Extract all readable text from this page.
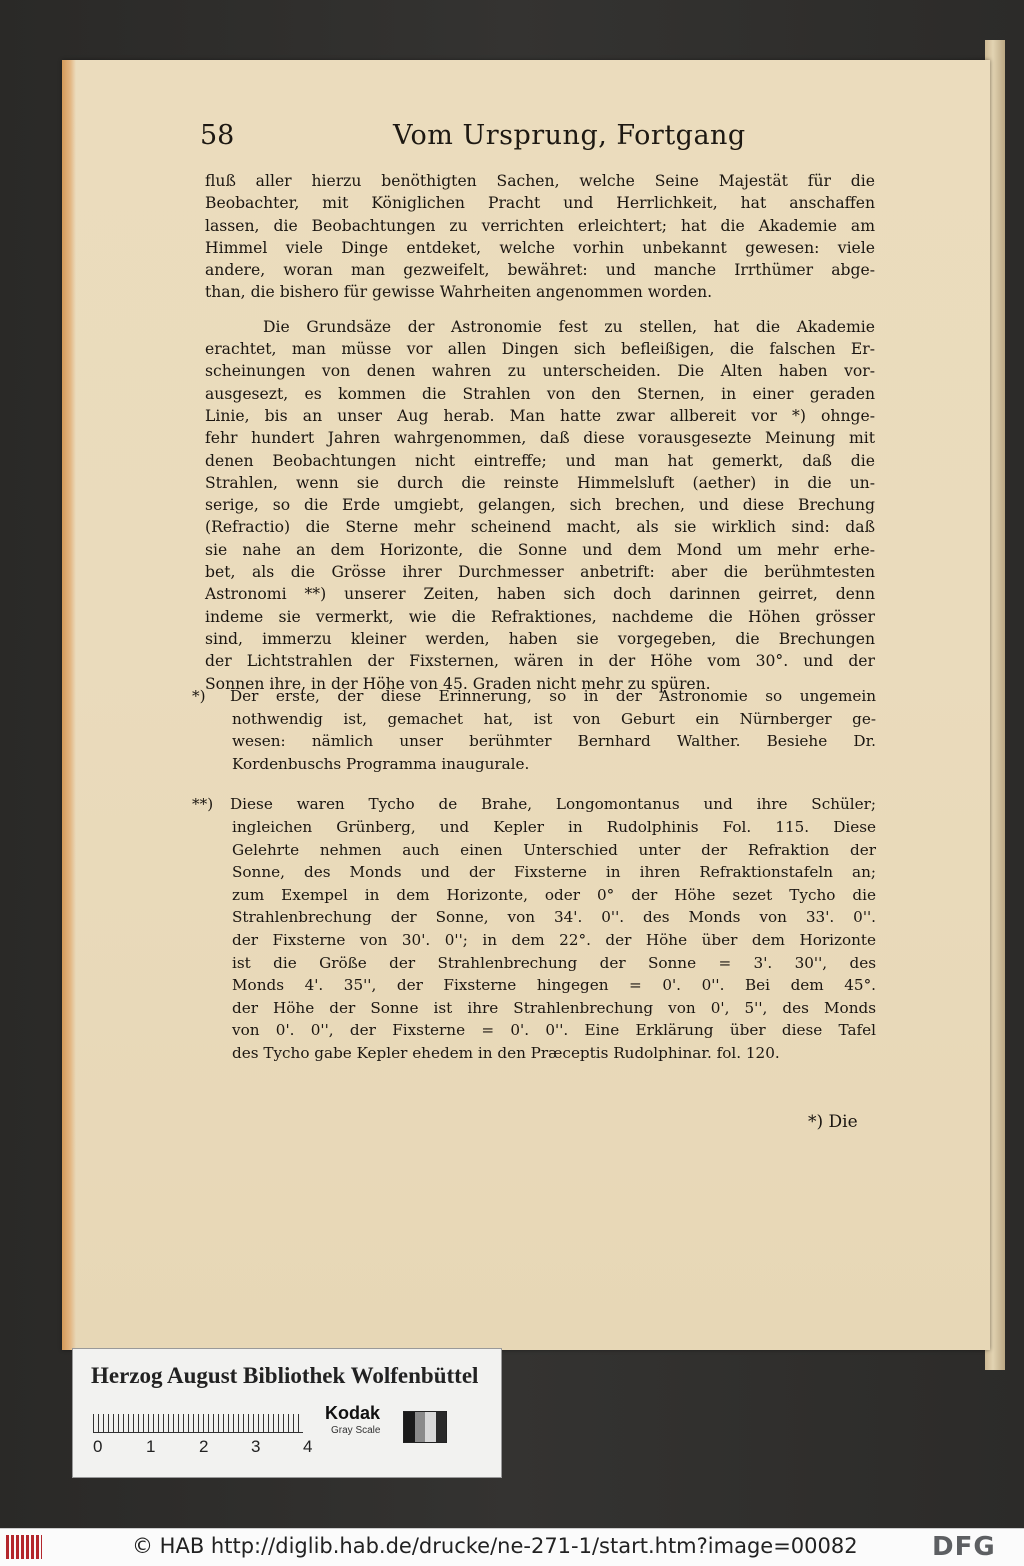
58	Vom Ursprung, Fortgang
fluß aller hierzu benöthigten Sachen, welche Seine Majestät für die
Beobachter, mit Königlichen Pracht und Herrlichkeit, hat anschaffen
lassen, die Beobachtungen zu verrichten erleichtert; hat die Akademie am
Himmel viele Dinge entdeket, welche vorhin unbekannt gewesen: viele
andere, woran man gezweifelt, bewähret: und manche Irrthümer abge-
than, die bishero für gewisse Wahrheiten angenommen worden.
Die Grundsäze der Astronomie fest zu stellen, hat die Akademie
erachtet, man müsse vor allen Dingen sich befleißigen, die falschen Er-
scheinungen von denen wahren zu unterscheiden. Die Alten haben vor-
ausgesezt, es kommen die Strahlen von den Sternen, in einer geraden
Linie, bis an unser Aug herab. Man hatte zwar allbereit vor *) ohnge-
fehr hundert Jahren wahrgenommen, daß diese vorausgesezte Meinung mit
denen Beobachtungen nicht eintreffe; und man hat gemerkt, daß die
Strahlen, wenn sie durch die reinste Himmelsluft (aether) in die un-
serige, so die Erde umgiebt, gelangen, sich brechen, und diese Brechung
(Refractio) die Sterne mehr scheinend macht, als sie wirklich sind: daß
sie nahe an dem Horizonte, die Sonne und dem Mond um mehr erhe-
bet, als die Grösse ihrer Durchmesser anbetrift: aber die berühmtesten
Astronomi **) unserer Zeiten, haben sich doch darinnen geirret, denn
indeme sie vermerkt, wie die Refraktiones, nachdeme die Höhen grösser
sind, immerzu kleiner werden, haben sie vorgegeben, die Brechungen
der Lichtstrahlen der Fixsternen, wären in der Höhe vom 30°. und der
Sonnen ihre, in der Höhe von 45. Graden nicht mehr zu spüren.
*) Der erste, der diese Erinnerung, so in der Astronomie so ungemein
nothwendig ist, gemachet hat, ist von Geburt ein Nürnberger ge-
wesen: nämlich unser berühmter Bernhard Walther. Besiehe Dr.
Kordenbuschs Programma inaugurale.
**) Diese waren Tycho de Brahe, Longomontanus und ihre Schüler;
ingleichen Grünberg, und Kepler in Rudolphinis Fol. 115. Diese
Gelehrte nehmen auch einen Unterschied unter der Refraktion der
Sonne, des Monds und der Fixsterne in ihren Refraktionstafeln an;
zum Exempel in dem Horizonte, oder 0° der Höhe sezet Tycho die
Strahlenbrechung der Sonne, von 34'. 0''. des Monds von 33'. 0''.
der Fixsterne von 30'. 0''; in dem 22°. der Höhe über dem Horizonte
ist die Größe der Strahlenbrechung der Sonne = 3'. 30'', des
Monds 4'. 35'', der Fixsterne hingegen = 0'. 0''. Bei dem 45°.
der Höhe der Sonne ist ihre Strahlenbrechung von 0', 5'', des Monds
von 0'. 0'', der Fixsterne = 0'. 0''. Eine Erklärung über diese Tafel
des Tycho gabe Kepler ehedem in den Præceptis Rudolphinar. fol. 120.
*) Die
Herzog August Bibliothek Wolfenbüttel
0	1	2	3	4
Kodak
Gray Scale
© HAB http://diglib.hab.de/drucke/ne-271-1/start.htm?image=00082	DFG
